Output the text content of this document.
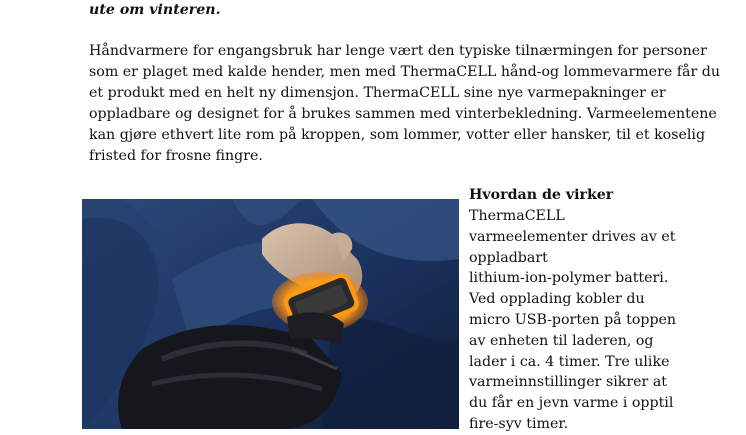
ute om vinteren.
Håndvarmere for engangsbruk har lenge vært den typiske tilnærmingen for personer
som er plaget med kalde hender, men med ThermaCELL hånd-og lommevarmere får du
et produkt med en helt ny dimensjon. ThermaCELL sine nye varmepakninger er
oppladbare og designet for å brukes sammen med vinterbekledning. Varmeelementene
kan gjøre ethvert lite rom på kroppen, som lommer, votter eller hansker, til et koselig
fristed for frosne fingre.
Hvordan de virker
ThermaCELL
varmeelementer drives av et
oppladbart
lithium-ion-polymer batteri.
Ved opplading kobler du
micro USB-porten på toppen
av enheten til laderen, og
lader i ca. 4 timer. Tre ulike
varmeinnstillinger sikrer at
du får en jevn varme i opptil
fire-syv timer.
